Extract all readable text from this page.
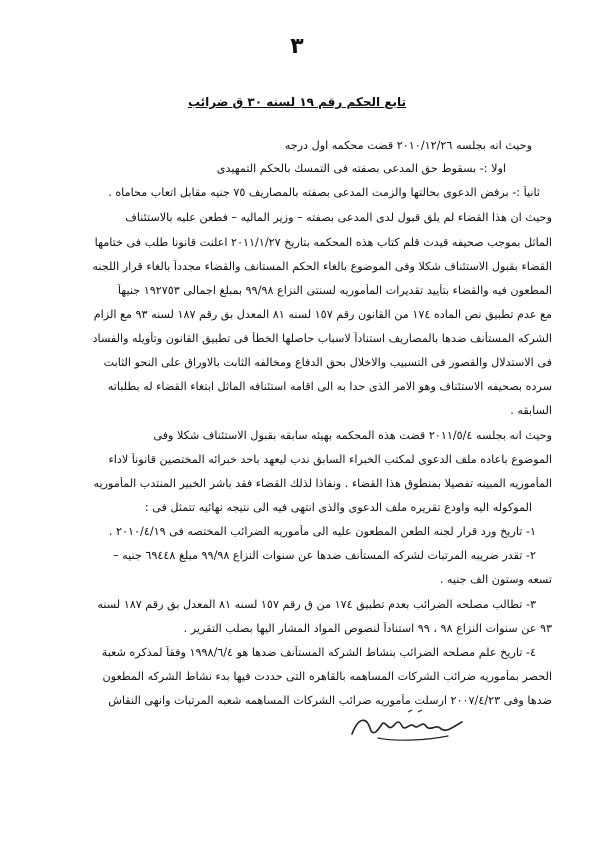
٣
تابع الحكم رقم ١٩ لسنه ٣٠ ق ضرائب
وحيث انه بجلسه ٢٠١٠/١٢/٢٦ قضت محكمه اول درجه
اولا :- بسقوط حق المدعى بصفته فى التمسك بالحكم التمهيدى
ثانياً :- برفض الدعوى بحالتها والزمت المدعى بصفته بالمصاريف ٧٥ جنيه مقابل اتعاب محاماه .
وحيث ان هذا القضاء لم يلق قبول لدى المدعى بصفته – وزير الماليه – فطعن عليه بالاستئناف
الماثل بموجب صحيفه قيدت قلم كتاب هذه المحكمه بتاريخ ٢٠١١/١/٢٧ اعلنت قانونا طلب فى ختامها
القضاء بقبول الاستئناف شكلا وفى الموضوع بالغاء الحكم المستانف والقضاء مجدداً بالغاء قرار اللجنه
المطعون فيه والقضاء بتأييد تقديرات المأموريه لسنتى النزاع ٩٩/٩٨ بمبلغ اجمالى ١٩٢٧٥٣ جنيهاً
مع عدم تطبيق نص الماده ١٧٤ من القانون رقم ١٥٧ لسنه ٨١ المعدل بق رقم ١٨٧ لسنه ٩٣ مع الزام
الشركه المستأنف ضدها بالمصاريف استناداً لاسباب حاصلها الخطأ فى تطبيق القانون وتأويله والفساد
فى الاستدلال والقصور فى التسبيب والاخلال بحق الدفاع ومخالفه الثابت بالاوراق على النحو الثابت
سرده بصحيفه الاستئناف وهو الامر الذى حدا به الى اقامه استئنافه الماثل ابتغاء القضاء له بطلباته
السابقه .
وحيث انه بجلسه ٢٠١١/٥/٤ قضت هذه المحكمه بهيئه سابقه بقبول الاستئناف شكلا وفى
الموضوع باعاده ملف الدعوى لمكتب الخبراء السابق ندب ليعهد باحد خبرائه المختصين قانوناً لاداء
المأموريه المبينه تفصيلا بمنطوق هذا القضاء . ونفاذا لذلك القضاء فقد باشر الخبير المنتدب المأموريه
الموكوله اليه واودع تقريره ملف الدعوى والذى انتهى فيه الى نتيجه نهائيه تتمثل فى :
١- تاريخ ورد قرار لجنه الطعن المطعون عليه الى مأموريه الضرائب المختصه فى ٢٠١٠/٤/١٩ .
٢- تقدر ضريبه المرتبات لشركه المستأنف ضدها عن سنوات النزاع ٩٩/٩٨ مبلغ ٦٩٤٤٨ جنيه –
تسعه وستون الف جنيه .
٣- تطالب مصلحه الضرائب بعدم تطبيق ١٧٤ من ق رقم ١٥٧ لسنه ٨١ المعدل بق رقم ١٨٧ لسنه
٩٣ عن سنوات النزاع ٩٨ ، ٩٩ استناداً لنصوص المواد المشار اليها بصلب التقرير .
٤- تاريخ علم مصلحه الضرائب بنشاط الشركه المستأنف ضدها هو ١٩٩٨/٦/٤ وفقاً لمذكره شعبة
الحصر بمأموريه ضرائب الشركات المساهمه بالقاهره التى حددت فيها بدء نشاط الشركه المطعون
ضدها وفى ٢٠٠٧/٤/٢٣ ارسلت مأموريه ضرائب الشركات المساهمه شعبه المرتبات وانهى النقاش
